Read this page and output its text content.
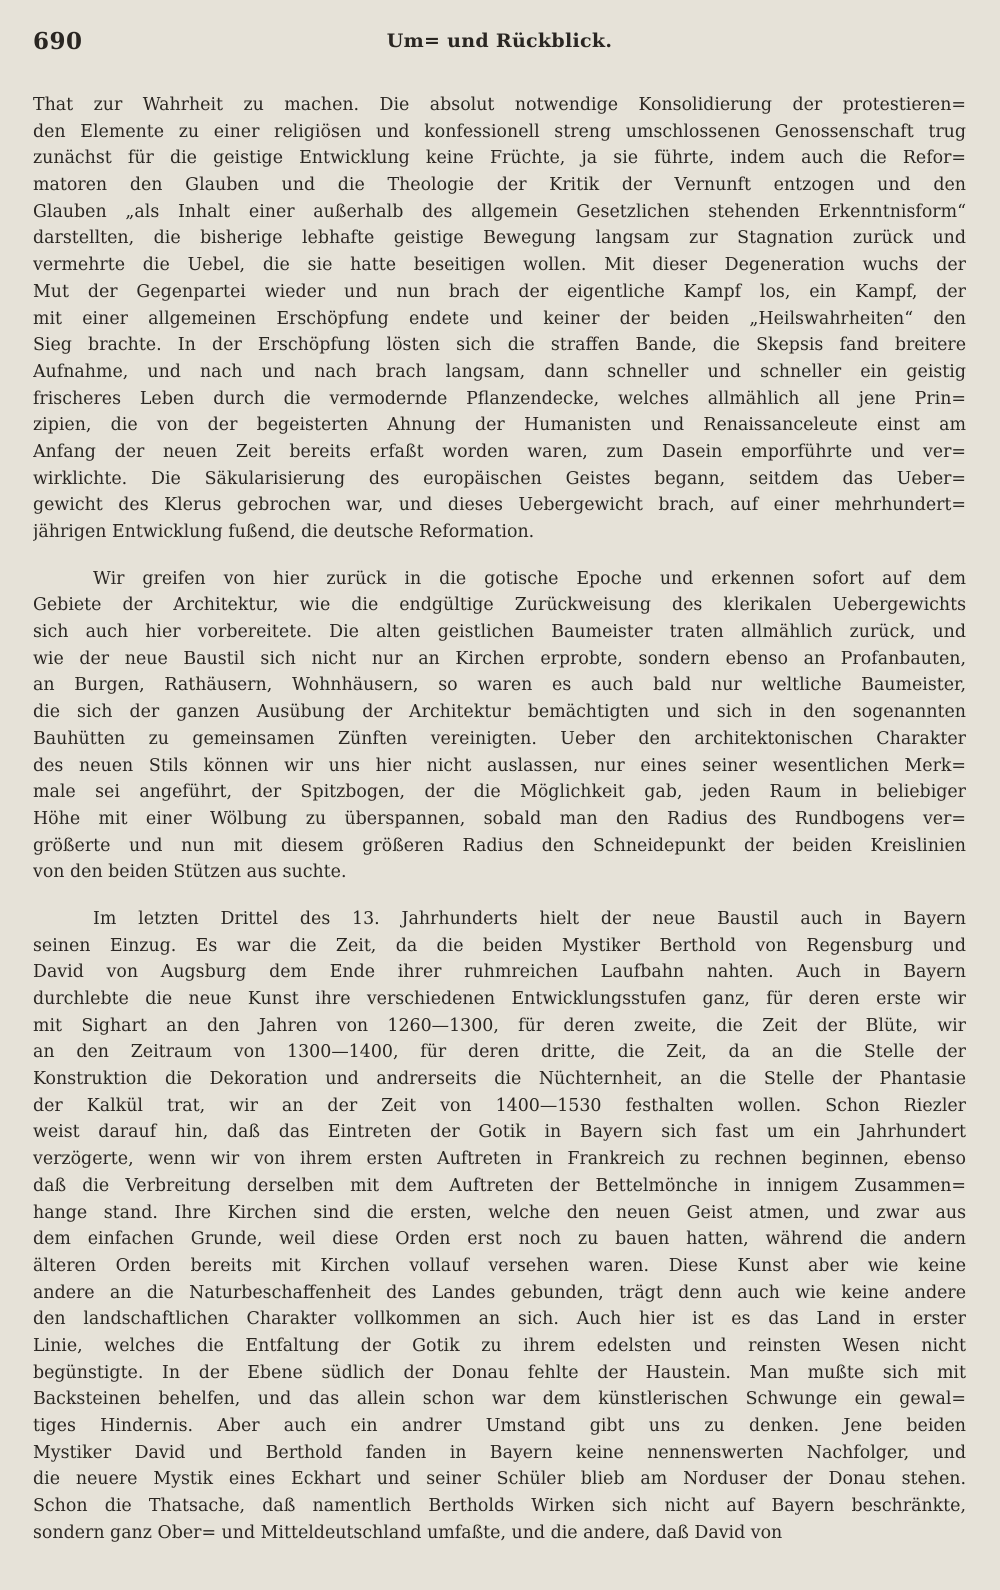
690	Um= und Rückblick.
That zur Wahrheit zu machen. Die absolut notwendige Konsolidierung der protestieren=
den Elemente zu einer religiösen und konfessionell streng umschlossenen Genossenschaft trug
zunächst für die geistige Entwicklung keine Früchte, ja sie führte, indem auch die Refor=
matoren den Glauben und die Theologie der Kritik der Vernunft entzogen und den
Glauben „als Inhalt einer außerhalb des allgemein Gesetzlichen stehenden Erkenntnisform“
darstellten, die bisherige lebhafte geistige Bewegung langsam zur Stagnation zurück und
vermehrte die Uebel, die sie hatte beseitigen wollen. Mit dieser Degeneration wuchs der
Mut der Gegenpartei wieder und nun brach der eigentliche Kampf los, ein Kampf, der
mit einer allgemeinen Erschöpfung endete und keiner der beiden „Heilswahrheiten“ den
Sieg brachte. In der Erschöpfung lösten sich die straffen Bande, die Skepsis fand breitere
Aufnahme, und nach und nach brach langsam, dann schneller und schneller ein geistig
frischeres Leben durch die vermodernde Pflanzendecke, welches allmählich all jene Prin=
zipien, die von der begeisterten Ahnung der Humanisten und Renaissanceleute einst am
Anfang der neuen Zeit bereits erfaßt worden waren, zum Dasein emporführte und ver=
wirklichte. Die Säkularisierung des europäischen Geistes begann, seitdem das Ueber=
gewicht des Klerus gebrochen war, und dieses Uebergewicht brach, auf einer mehrhundert=
jährigen Entwicklung fußend, die deutsche Reformation.
Wir greifen von hier zurück in die gotische Epoche und erkennen sofort auf dem
Gebiete der Architektur, wie die endgültige Zurückweisung des klerikalen Uebergewichts
sich auch hier vorbereitete. Die alten geistlichen Baumeister traten allmählich zurück, und
wie der neue Baustil sich nicht nur an Kirchen erprobte, sondern ebenso an Profanbauten,
an Burgen, Rathäusern, Wohnhäusern, so waren es auch bald nur weltliche Baumeister,
die sich der ganzen Ausübung der Architektur bemächtigten und sich in den sogenannten
Bauhütten zu gemeinsamen Zünften vereinigten. Ueber den architektonischen Charakter
des neuen Stils können wir uns hier nicht auslassen, nur eines seiner wesentlichen Merk=
male sei angeführt, der Spitzbogen, der die Möglichkeit gab, jeden Raum in beliebiger
Höhe mit einer Wölbung zu überspannen, sobald man den Radius des Rundbogens ver=
größerte und nun mit diesem größeren Radius den Schneidepunkt der beiden Kreislinien
von den beiden Stützen aus suchte.
Im letzten Drittel des 13. Jahrhunderts hielt der neue Baustil auch in Bayern
seinen Einzug. Es war die Zeit, da die beiden Mystiker Berthold von Regensburg und
David von Augsburg dem Ende ihrer ruhmreichen Laufbahn nahten. Auch in Bayern
durchlebte die neue Kunst ihre verschiedenen Entwicklungsstufen ganz, für deren erste wir
mit Sighart an den Jahren von 1260—1300, für deren zweite, die Zeit der Blüte, wir
an den Zeitraum von 1300—1400, für deren dritte, die Zeit, da an die Stelle der
Konstruktion die Dekoration und andrerseits die Nüchternheit, an die Stelle der Phantasie
der Kalkül trat, wir an der Zeit von 1400—1530 festhalten wollen. Schon Riezler
weist darauf hin, daß das Eintreten der Gotik in Bayern sich fast um ein Jahrhundert
verzögerte, wenn wir von ihrem ersten Auftreten in Frankreich zu rechnen beginnen, ebenso
daß die Verbreitung derselben mit dem Auftreten der Bettelmönche in innigem Zusammen=
hange stand. Ihre Kirchen sind die ersten, welche den neuen Geist atmen, und zwar aus
dem einfachen Grunde, weil diese Orden erst noch zu bauen hatten, während die andern
älteren Orden bereits mit Kirchen vollauf versehen waren. Diese Kunst aber wie keine
andere an die Naturbeschaffenheit des Landes gebunden, trägt denn auch wie keine andere
den landschaftlichen Charakter vollkommen an sich. Auch hier ist es das Land in erster
Linie, welches die Entfaltung der Gotik zu ihrem edelsten und reinsten Wesen nicht
begünstigte. In der Ebene südlich der Donau fehlte der Haustein. Man mußte sich mit
Backsteinen behelfen, und das allein schon war dem künstlerischen Schwunge ein gewal=
tiges Hindernis. Aber auch ein andrer Umstand gibt uns zu denken. Jene beiden
Mystiker David und Berthold fanden in Bayern keine nennenswerten Nachfolger, und
die neuere Mystik eines Eckhart und seiner Schüler blieb am Norduser der Donau stehen.
Schon die Thatsache, daß namentlich Bertholds Wirken sich nicht auf Bayern beschränkte,
sondern ganz Ober= und Mitteldeutschland umfaßte, und die andere, daß David von
